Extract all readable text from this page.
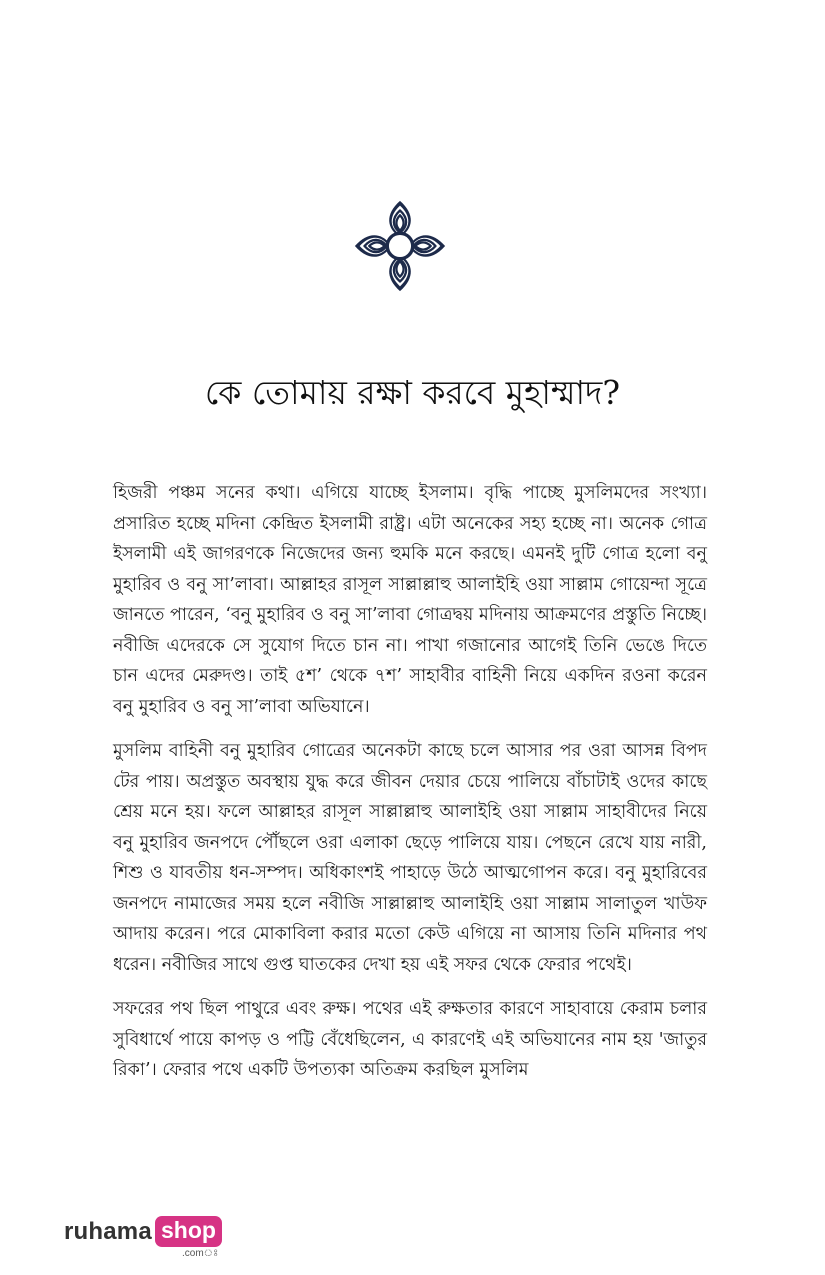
কে তোমায় রক্ষা করবে মুহাম্মাদ?

হিজরী পঞ্চম সনের কথা। এগিয়ে যাচ্ছে ইসলাম। বৃদ্ধি পাচ্ছে মুসলিমদের সংখ্যা। প্রসারিত হচ্ছে মদিনা কেন্দ্রিত ইসলামী রাষ্ট্র। এটা অনেকের সহ্য হচ্ছে না। অনেক গোত্র ইসলামী এই জাগরণকে নিজেদের জন্য হুমকি মনে করছে। এমনই দুটি গোত্র হলো বনু মুহারিব ও বনু সা’লাবা। আল্লাহর রাসূল সাল্লাল্লাহু আলাইহি ওয়া সাল্লাম গোয়েন্দা সূত্রে জানতে পারেন, ‘বনু মুহারিব ও বনু সা’লাবা গোত্রদ্বয় মদিনায় আক্রমণের প্রস্তুতি নিচ্ছে। নবীজি এদেরকে সে সুযোগ দিতে চান না। পাখা গজানোর আগেই তিনি ভেঙে দিতে চান এদের মেরুদণ্ড। তাই ৫শ’ থেকে ৭শ’ সাহাবীর বাহিনী নিয়ে একদিন রওনা করেন বনু মুহারিব ও বনু সা’লাবা অভিযানে।

মুসলিম বাহিনী বনু মুহারিব গোত্রের অনেকটা কাছে চলে আসার পর ওরা আসন্ন বিপদ টের পায়। অপ্রস্তুত অবস্থায় যুদ্ধ করে জীবন দেয়ার চেয়ে পালিয়ে বাঁচাটাই ওদের কাছে শ্রেয় মনে হয়। ফলে আল্লাহর রাসূল সাল্লাল্লাহু আলাইহি ওয়া সাল্লাম সাহাবীদের নিয়ে বনু মুহারিব জনপদে পৌঁছলে ওরা এলাকা ছেড়ে পালিয়ে যায়। পেছনে রেখে যায় নারী, শিশু ও যাবতীয় ধন-সম্পদ। অধিকাংশই পাহাড়ে উঠে আত্মগোপন করে। বনু মুহারিবের জনপদে নামাজের সময় হলে নবীজি সাল্লাল্লাহু আলাইহি ওয়া সাল্লাম সালাতুল খাউফ আদায় করেন। পরে মোকাবিলা করার মতো কেউ এগিয়ে না আসায় তিনি মদিনার পথ ধরেন। নবীজির সাথে গুপ্ত ঘাতকের দেখা হয় এই সফর থেকে ফেরার পথেই।

সফরের পথ ছিল পাথুরে এবং রুক্ষ। পথের এই রুক্ষতার কারণে সাহাবায়ে কেরাম চলার সুবিধার্থে পায়ে কাপড় ও পট্টি বেঁধেছিলেন, এ কারণেই এই অভিযানের নাম হয় 'জাতুর রিকা’। ফেরার পথে একটি উপত্যকা অতিক্রম করছিল মুসলিম

ruhama shop
.comঃ
